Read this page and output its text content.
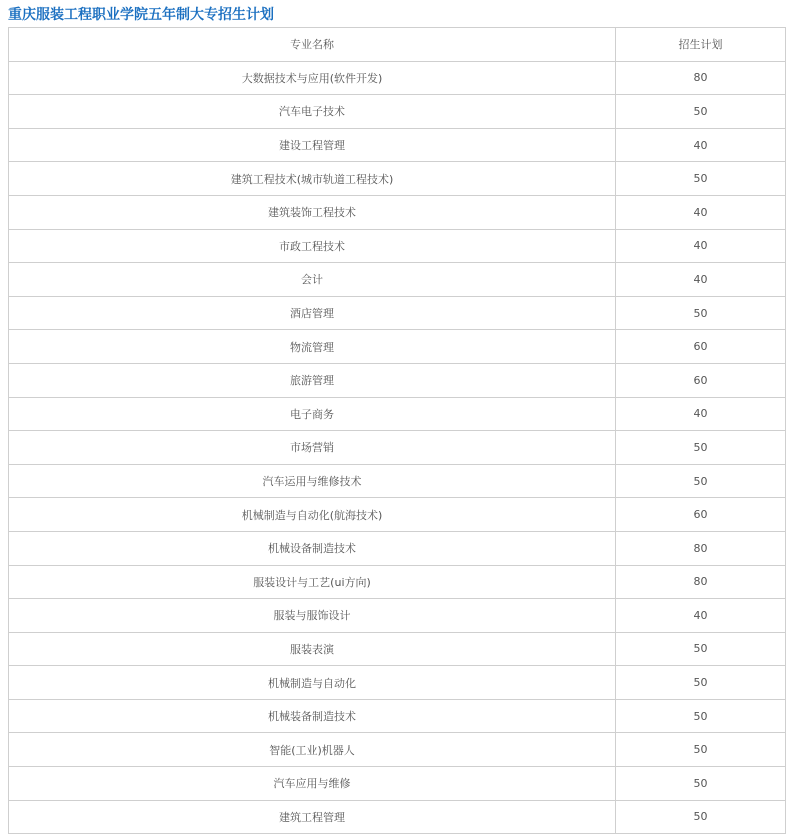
重庆服装工程职业学院五年制大专招生计划
专业名称	招生计划
大数据技术与应用(软件开发)	80
汽车电子技术	50
建设工程管理	40
建筑工程技术(城市轨道工程技术)	50
建筑装饰工程技术	40
市政工程技术	40
会计	40
酒店管理	50
物流管理	60
旅游管理	60
电子商务	40
市场营销	50
汽车运用与维修技术	50
机械制造与自动化(航海技术)	60
机械设备制造技术	80
服装设计与工艺(ui方向)	80
服装与服饰设计	40
服装表演	50
机械制造与自动化	50
机械装备制造技术	50
智能(工业)机器人	50
汽车应用与维修	50
建筑工程管理	50
